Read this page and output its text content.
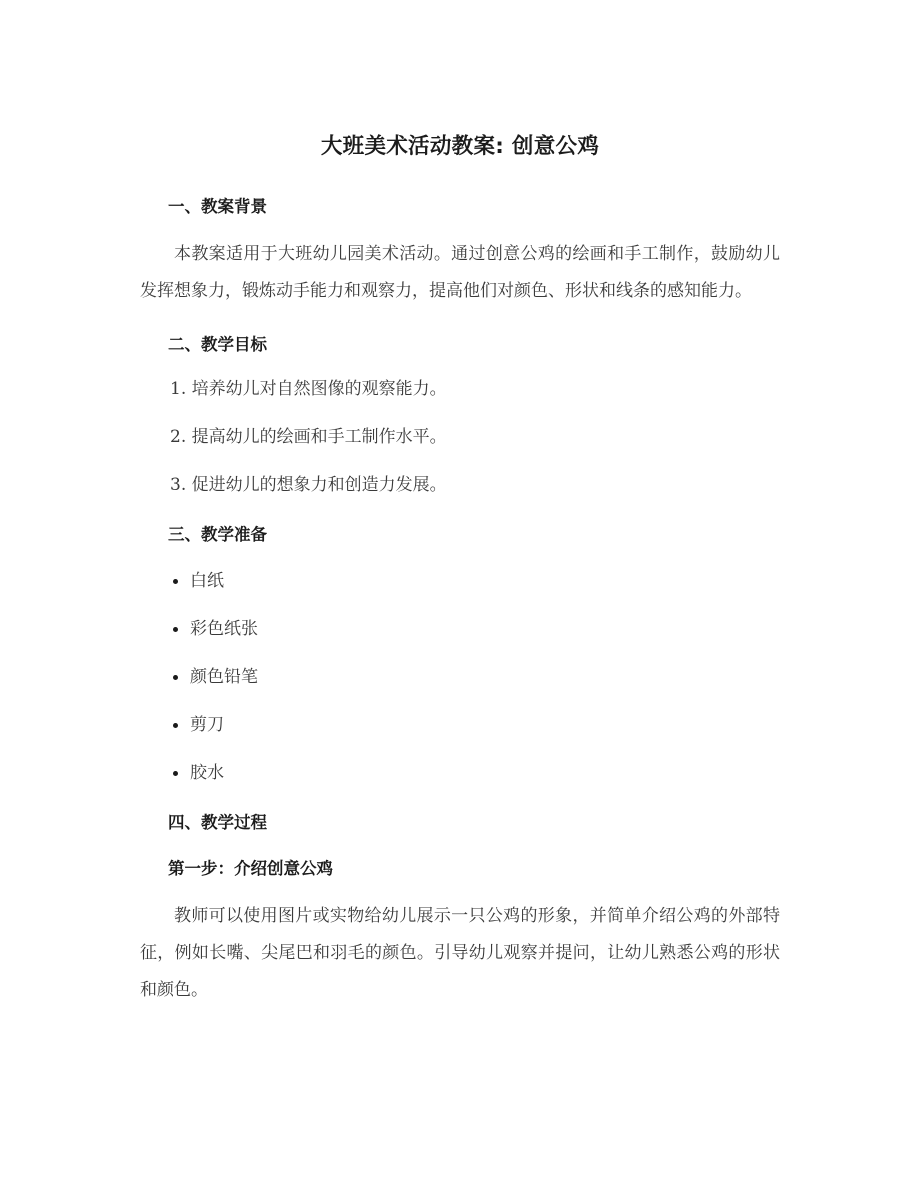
大班美术活动教案: 创意公鸡
一、教案背景

本教案适用于大班幼儿园美术活动。通过创意公鸡的绘画和手工制作，鼓励幼儿发挥想象力，锻炼动手能力和观察力，提高他们对颜色、形状和线条的感知能力。

二、教学目标

1. 培养幼儿对自然图像的观察能力。

2. 提高幼儿的绘画和手工制作水平。

3. 促进幼儿的想象力和创造力发展。

三、教学准备
白纸
彩色纸张
颜色铅笔
剪刀
胶水
四、教学过程
第一步：介绍创意公鸡

教师可以使用图片或实物给幼儿展示一只公鸡的形象，并简单介绍公鸡的外部特征，例如长嘴、尖尾巴和羽毛的颜色。引导幼儿观察并提问，让幼儿熟悉公鸡的形状和颜色。
